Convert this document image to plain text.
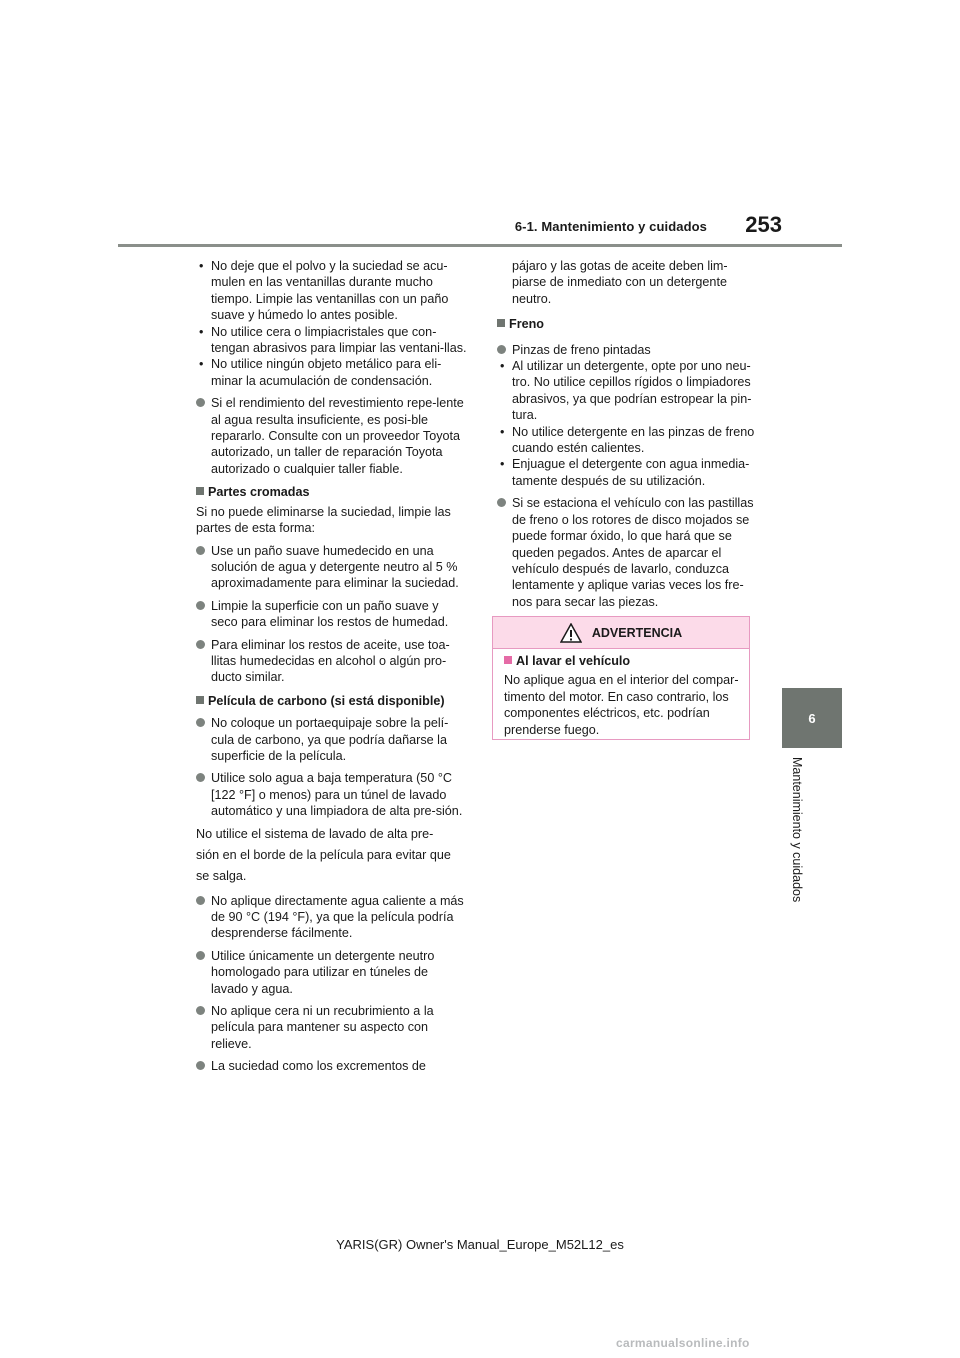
253
6-1. Mantenimiento y cuidados
6
Mantenimiento y cuidados

• No deje que el polvo y la suciedad se acu-mulen en las ventanillas durante mucho tiempo. Limpie las ventanillas con un paño suave y húmedo lo antes posible.

• No utilice cera o limpiacristales que con-tengan abrasivos para limpiar las ventani-llas.

• No utilice ningún objeto metálico para eli-minar la acumulación de condensación.

Si el rendimiento del revestimiento repe-lente al agua resulta insuficiente, es posi-ble repararlo. Consulte con un proveedor Toyota autorizado, un taller de reparación Toyota autorizado o cualquier taller fiable.

Partes cromadas

Si no puede eliminarse la suciedad, limpie las partes de esta forma:

Use un paño suave humedecido en una solución de agua y detergente neutro al 5 % aproximadamente para eliminar la suciedad.

Limpie la superficie con un paño suave y seco para eliminar los restos de humedad.

Para eliminar los restos de aceite, use toa-llitas humedecidas en alcohol o algún pro-ducto similar.

Película de carbono (si está disponible)

No coloque un portaequipaje sobre la pelí-cula de carbono, ya que podría dañarse la superficie de la película.

Utilice solo agua a baja temperatura (50 °C [122 °F] o menos) para un túnel de lavado automático y una limpiadora de alta pre-sión.

No utilice el sistema de lavado de alta pre-
sión en el borde de la película para evitar que
se salga.

No aplique directamente agua caliente a más de 90 °C (194 °F), ya que la película podría desprenderse fácilmente.

Utilice únicamente un detergente neutro homologado para utilizar en túneles de lavado y agua.

No aplique cera ni un recubrimiento a la película para mantener su aspecto con relieve.

La suciedad como los excrementos de

pájaro y las gotas de aceite deben lim-piarse de inmediato con un detergente neutro.

Freno

Pinzas de freno pintadas

• Al utilizar un detergente, opte por uno neu-tro. No utilice cepillos rígidos o limpiadores abrasivos, ya que podrían estropear la pin-tura.

• No utilice detergente en las pinzas de freno cuando estén calientes.

• Enjuague el detergente con agua inmedia-tamente después de su utilización.

Si se estaciona el vehículo con las pastillas de freno o los rotores de disco mojados se puede formar óxido, lo que hará que se queden pegados. Antes de aparcar el vehículo después de lavarlo, conduzca lentamente y aplique varias veces los fre-nos para secar las piezas.

ADVERTENCIA
Al lavar el vehículo
No aplique agua en el interior del compar-timento del motor. En caso contrario, los componentes eléctricos, etc. podrían prenderse fuego.
YARIS(GR) Owner's Manual_Europe_M52L12_es
carmanualsonline.info
